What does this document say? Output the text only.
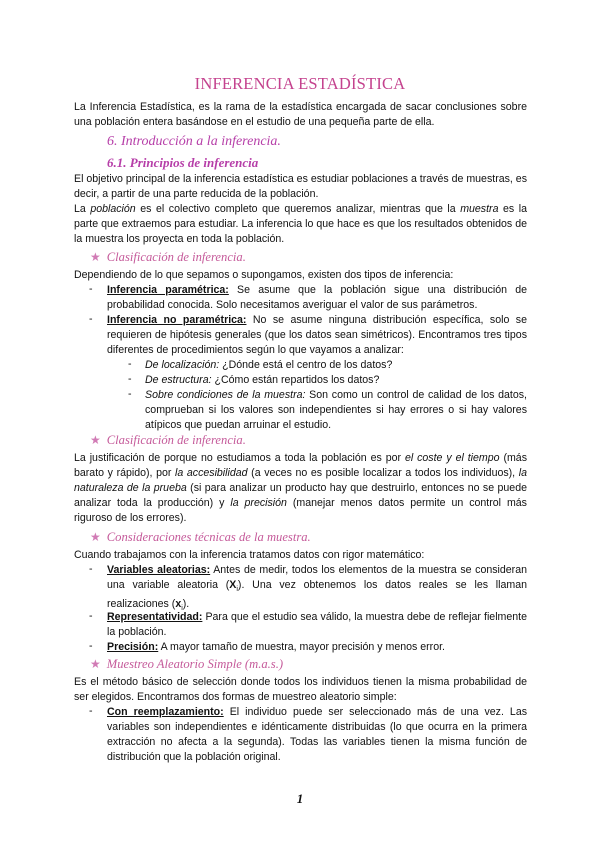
INFERENCIA ESTADÍSTICA
La Inferencia Estadística, es la rama de la estadística encargada de sacar conclusiones sobre una población entera basándose en el estudio de una pequeña parte de ella.
6. Introducción a la inferencia.
6.1. Principios de inferencia
El objetivo principal de la inferencia estadística es estudiar poblaciones a través de muestras, es decir, a partir de una parte reducida de la población.
La población es el colectivo completo que queremos analizar, mientras que la muestra es la parte que extraemos para estudiar. La inferencia lo que hace es que los resultados obtenidos de la muestra los proyecta en toda la población.
★ Clasificación de inferencia.
Dependiendo de lo que sepamos o supongamos, existen dos tipos de inferencia:
- Inferencia paramétrica: Se asume que la población sigue una distribución de probabilidad conocida. Solo necesitamos averiguar el valor de sus parámetros.
- Inferencia no paramétrica: No se asume ninguna distribución específica, solo se requieren de hipótesis generales (que los datos sean simétricos). Encontramos tres tipos diferentes de procedimientos según lo que vayamos a analizar:
- De localización: ¿Dónde está el centro de los datos?
- De estructura: ¿Cómo están repartidos los datos?
- Sobre condiciones de la muestra: Son como un control de calidad de los datos, comprueban si los valores son independientes si hay errores o si hay valores atípicos que puedan arruinar el estudio.
★ Clasificación de inferencia.
La justificación de porque no estudiamos a toda la población es por el coste y el tiempo (más barato y rápido), por la accesibilidad (a veces no es posible localizar a todos los individuos), la naturaleza de la prueba (si para analizar un producto hay que destruirlo, entonces no se puede analizar toda la producción) y la precisión (manejar menos datos permite un control más riguroso de los errores).
★ Consideraciones técnicas de la muestra.
Cuando trabajamos con la inferencia tratamos datos con rigor matemático:
- Variables aleatorias: Antes de medir, todos los elementos de la muestra se consideran una variable aleatoria $(X_i)$. Una vez obtenemos los datos reales se les llaman realizaciones $(x_i)$.
- Representatividad: Para que el estudio sea válido, la muestra debe de reflejar fielmente la población.
- Precisión: A mayor tamaño de muestra, mayor precisión y menos error.
★ Muestreo Aleatorio Simple (m.a.s.)
Es el método básico de selección donde todos los individuos tienen la misma probabilidad de ser elegidos. Encontramos dos formas de muestreo aleatorio simple:
- Con reemplazamiento: El individuo puede ser seleccionado más de una vez. Las variables son independientes e idénticamente distribuidas (lo que ocurra en la primera extracción no afecta a la segunda). Todas las variables tienen la misma función de distribución que la población original.
1
